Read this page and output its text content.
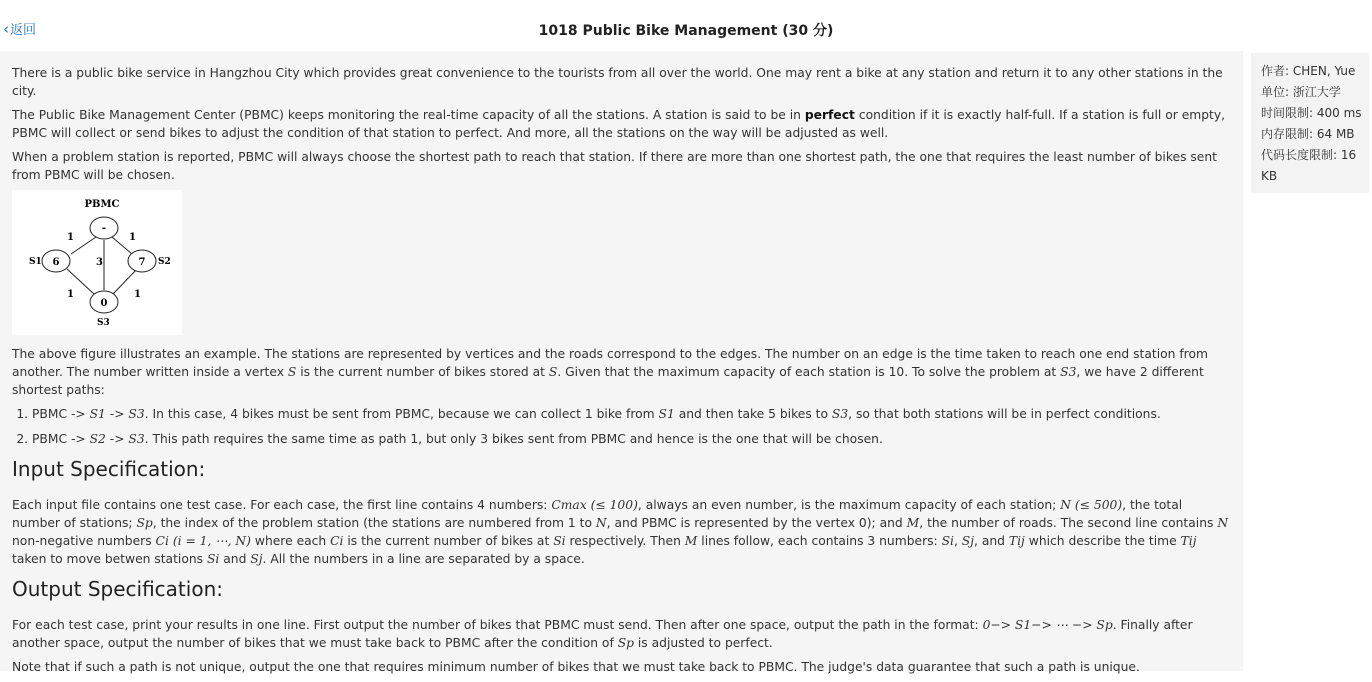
‹返回	1018 Public Bike Management (30 分)

There is a public bike service in Hangzhou City which provides great convenience to the tourists from all over the world. One may rent a bike at any station and return it to any other stations in the city.

The Public Bike Management Center (PBMC) keeps monitoring the real-time capacity of all the stations. A station is said to be in perfect condition if it is exactly half-full. If a station is full or empty, PBMC will collect or send bikes to adjust the condition of that station to perfect. And more, all the stations on the way will be adjusted as well.

When a problem station is reported, PBMC will always choose the shortest path to reach that station. If there are more than one shortest path, the one that requires the least number of bikes sent from PBMC will be chosen.

PBMC
-
6	7
0
S1	S2
S3
1	1
3
1	1

The above figure illustrates an example. The stations are represented by vertices and the roads correspond to the edges. The number on an edge is the time taken to reach one end station from another. The number written inside a vertex S is the current number of bikes stored at S. Given that the maximum capacity of each station is 10. To solve the problem at S3, we have 2 different shortest paths:

1. PBMC -> S1 -> S3. In this case, 4 bikes must be sent from PBMC, because we can collect 1 bike from S1 and then take 5 bikes to S3, so that both stations will be in perfect conditions.
2. PBMC -> S2 -> S3. This path requires the same time as path 1, but only 3 bikes sent from PBMC and hence is the one that will be chosen.
Input Specification:

Each input file contains one test case. For each case, the first line contains 4 numbers: Cmax (≤ 100), always an even number, is the maximum capacity of each station; N (≤ 500), the total number of stations; Sp, the index of the problem station (the stations are numbered from 1 to N, and PBMC is represented by the vertex 0); and M, the number of roads. The second line contains N non-negative numbers Ci (i = 1, ⋯, N) where each Ci is the current number of bikes at Si respectively. Then M lines follow, each contains 3 numbers: Si, Sj, and Tij which describe the time Tij taken to move betwen stations Si and Sj. All the numbers in a line are separated by a space.

Output Specification:

For each test case, print your results in one line. First output the number of bikes that PBMC must send. Then after one space, output the path in the format: 0−> S1−> ⋯ −> Sp. Finally after another space, output the number of bikes that we must take back to PBMC after the condition of Sp is adjusted to perfect.

Note that if such a path is not unique, output the one that requires minimum number of bikes that we must take back to PBMC. The judge's data guarantee that such a path is unique.

作者: CHEN, Yue
单位: 浙江大学
时间限制: 400 ms
内存限制: 64 MB
代码长度限制: 16
KB
